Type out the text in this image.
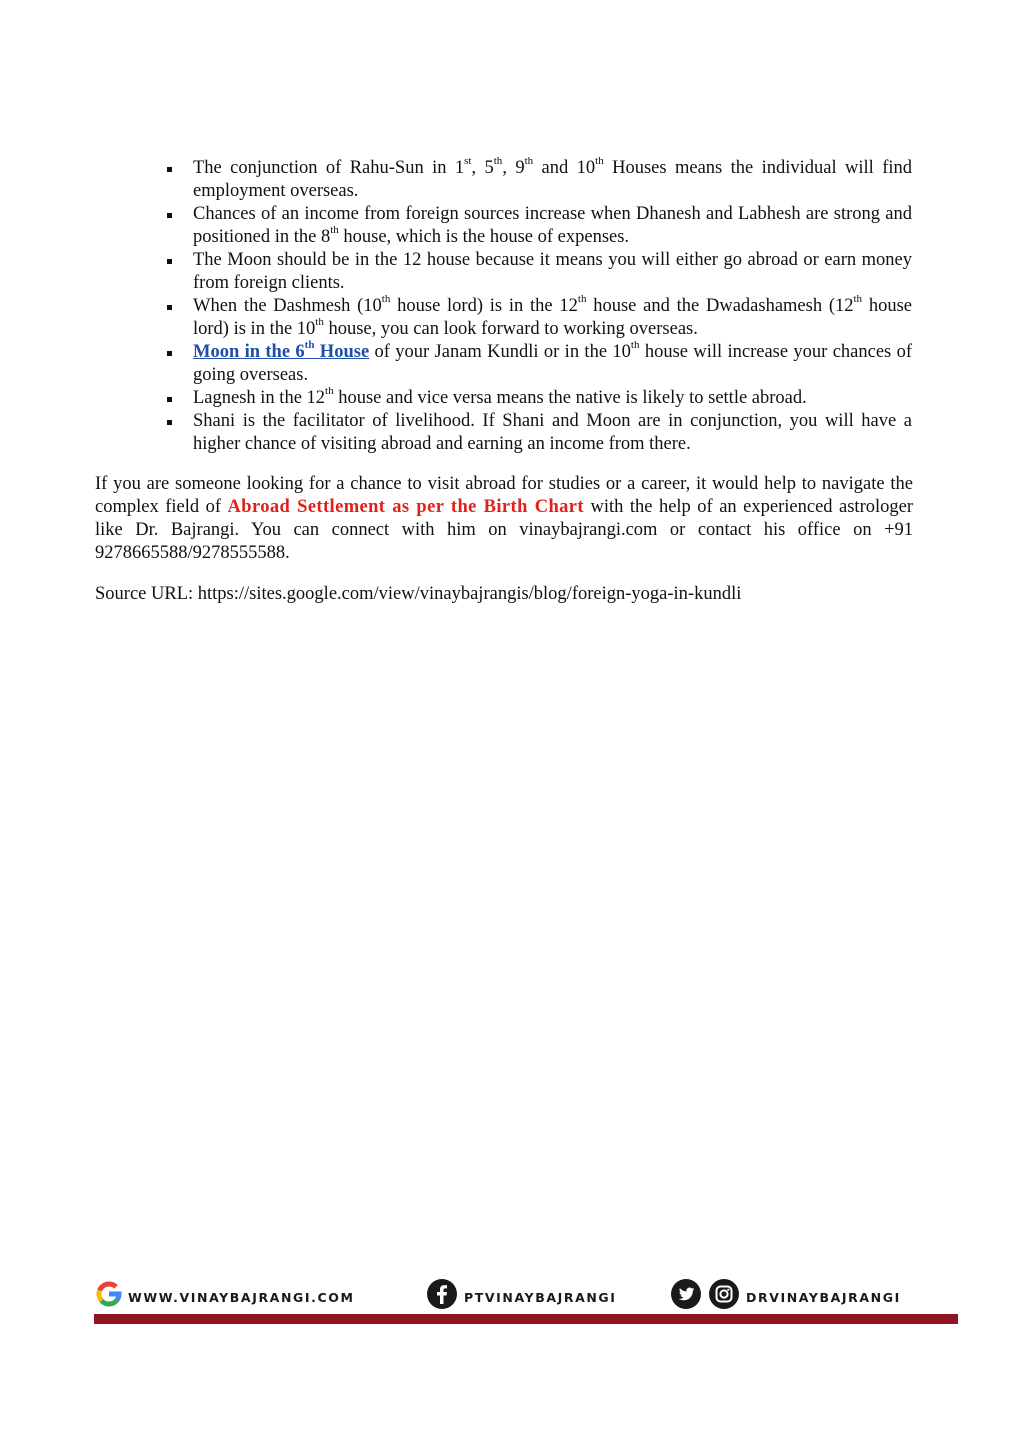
The conjunction of Rahu-Sun in 1st, 5th, 9th and 10th Houses means the individual will find employment overseas.
Chances of an income from foreign sources increase when Dhanesh and Labhesh are strong and positioned in the 8th house, which is the house of expenses.
The Moon should be in the 12 house because it means you will either go abroad or earn money from foreign clients.
When the Dashmesh (10th house lord) is in the 12th house and the Dwadashamesh (12th house lord) is in the 10th house, you can look forward to working overseas.
Moon in the 6th House of your Janam Kundli or in the 10th house will increase your chances of going overseas.
Lagnesh in the 12th house and vice versa means the native is likely to settle abroad.
Shani is the facilitator of livelihood. If Shani and Moon are in conjunction, you will have a higher chance of visiting abroad and earning an income from there.

If you are someone looking for a chance to visit abroad for studies or a career, it would help to navigate the complex field of Abroad Settlement as per the Birth Chart with the help of an experienced astrologer like Dr. Bajrangi. You can connect with him on vinaybajrangi.com or contact his office on +91 9278665588/9278555588.

Source URL: https://sites.google.com/view/vinaybajrangis/blog/foreign-yoga-in-kundli

WWW.VINAYBAJRANGI.COM	PTVINAYBAJRANGI	DRVINAYBAJRANGI
